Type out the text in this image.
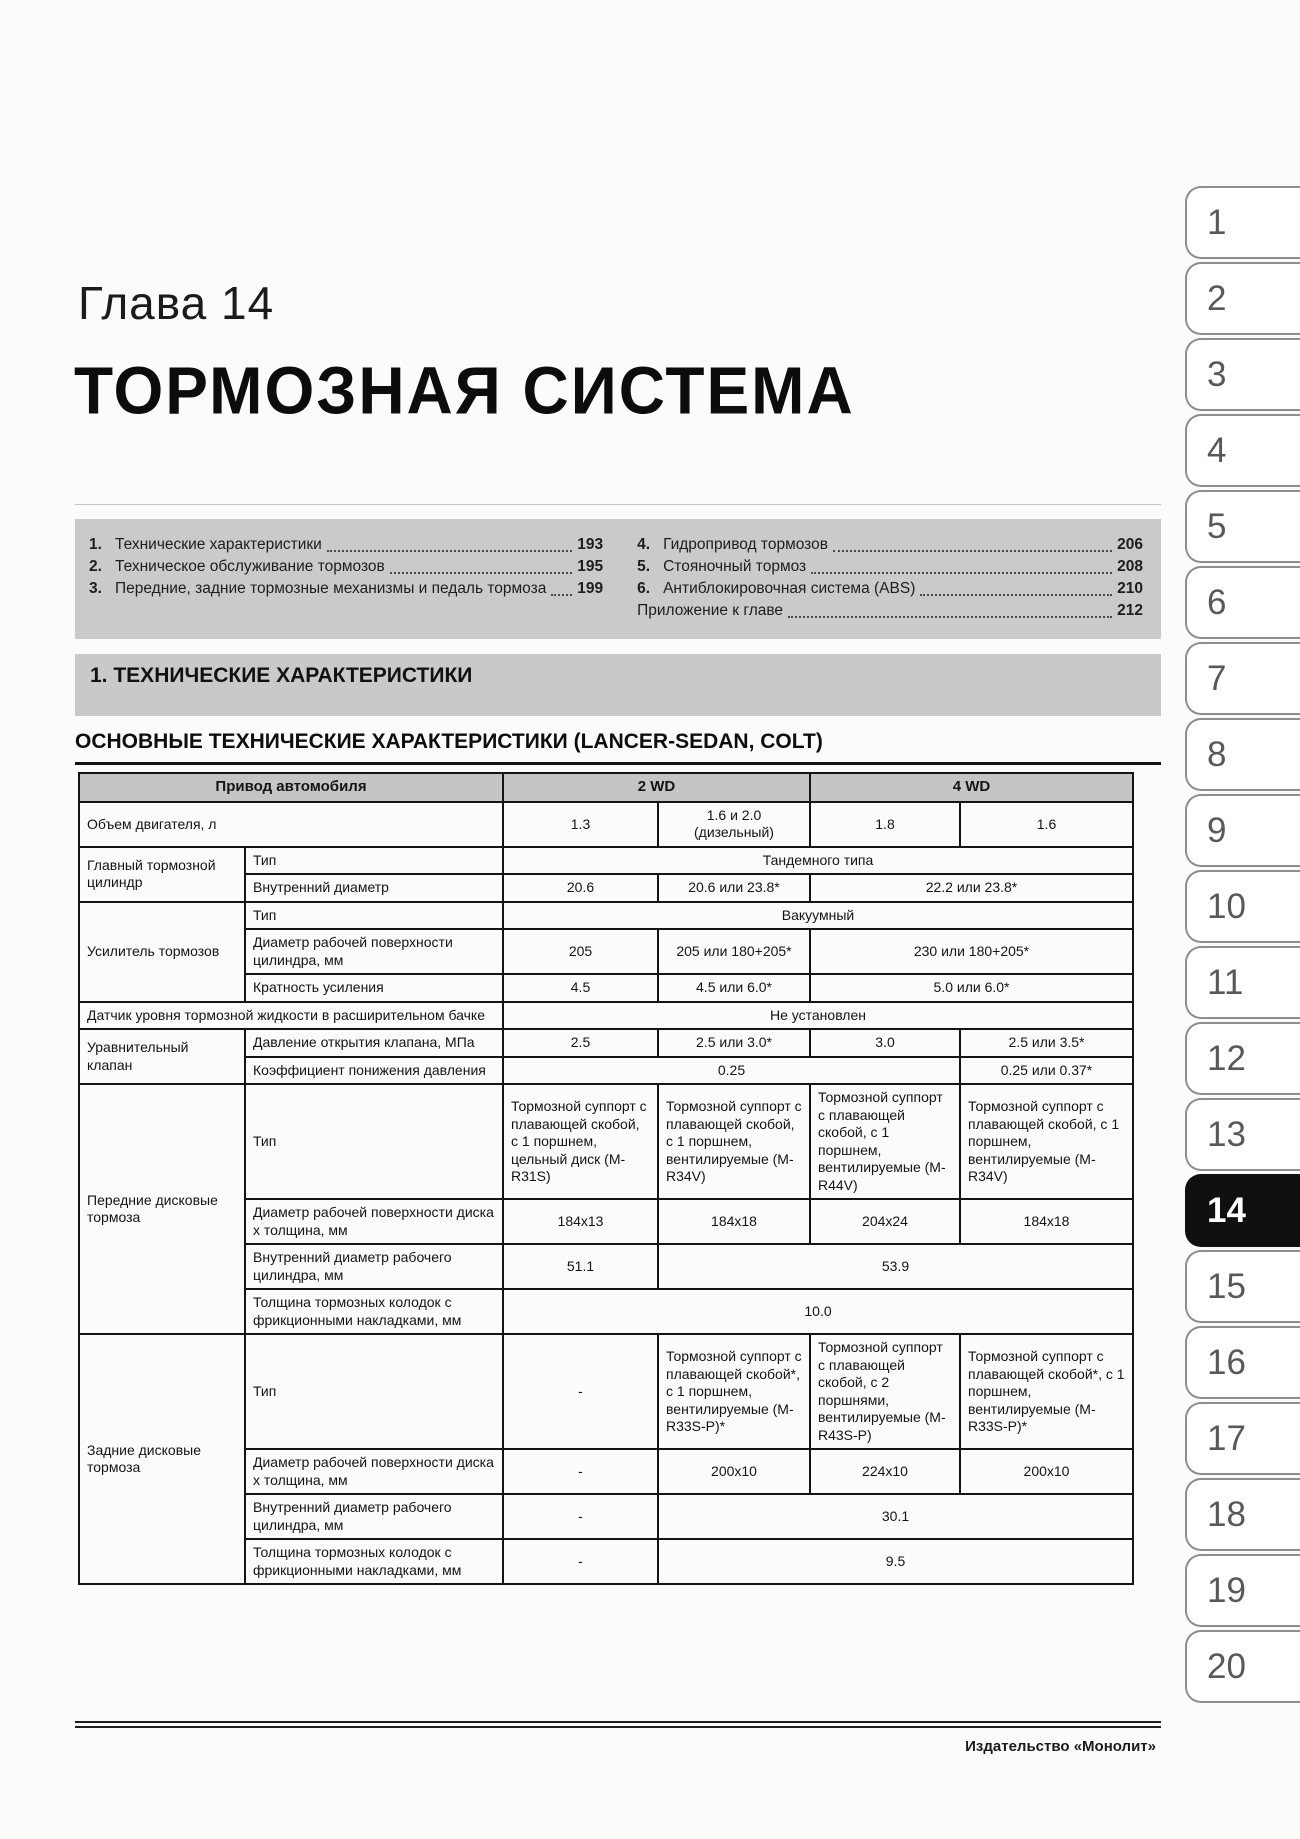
Глава 14
ТОРМОЗНАЯ СИСТЕМА
1. Технические характеристики	193
2. Техническое обслуживание тормозов	195
3. Передние, задние тормозные механизмы и педаль тормоза 199
4. Гидропривод тормозов	206
5. Стояночный тормоз	208
6. Антиблокировочная система (ABS)	210
Приложение к главе	212
1. ТЕХНИЧЕСКИЕ ХАРАКТЕРИСТИКИ
ОСНОВНЫЕ ТЕХНИЧЕСКИЕ ХАРАКТЕРИСТИКИ (LANCER-SEDAN, COLT)
Привод автомобиля		2 WD		4 WD	
Объем двигателя, л		1.3	1.6 и 2.0 (дизельный)	1.8	1.6
Главный тормозной цилиндр	Тип	Тандемного типа			
	Внутренний диаметр	20.6	20.6 или 23.8*	22.2 или 23.8*	
Усилитель тормозов	Тип	Вакуумный			
	Диаметр рабочей поверхности цилиндра, мм	205	205 или 180+205*	230 или 180+205*	
	Кратность усиления	4.5	4.5 или 6.0*	5.0 или 6.0*	
Датчик уровня тормозной жидкости в расширительном бачке		Не установлен			
Уравнительный клапан	Давление открытия клапана, МПа	2.5	2.5 или 3.0*	3.0	2.5 или 3.5*
	Коэффициент понижения давления	0.25			0.25 или 0.37*
Передние дисковые тормоза	Тип	Тормозной суппорт с плавающей скобой, с 1 поршнем, цельный диск (M-R31S)	Тормозной суппорт с плавающей скобой, с 1 поршнем, вентилируемые (M-R34V)	Тормозной суппорт с плавающей скобой, с 1 поршнем, вентилируемые (M-R44V)	Тормозной суппорт с плавающей скобой, с 1 поршнем, вентилируемые (M-R34V)
	Диаметр рабочей поверхности диска х толщина, мм	184x13	184x18	204x24	184x18
	Внутренний диаметр рабочего цилиндра, мм	51.1	53.9		
	Толщина тормозных колодок с фрикционными накладками, мм	10.0			
Задние дисковые тормоза	Тип	-	Тормозной суппорт с плавающей скобой*, с 1 поршнем, вентилируемые (M-R33S-P)*	Тормозной суппорт с плавающей скобой, с 2 поршнями, вентилируемые (M-R43S-P)	Тормозной суппорт с плавающей скобой*, с 1 поршнем, вентилируемые (M-R33S-P)*
	Диаметр рабочей поверхности диска х толщина, мм	-	200x10	224x10	200x10
	Внутренний диаметр рабочего цилиндра, мм	-	30.1		
	Толщина тормозных колодок с фрикционными накладками, мм	-	9.5		
1
2
3
4
5
6
7
8
9
10
11
12
13
14
15
16
17
18
19
20
Издательство «Монолит»
